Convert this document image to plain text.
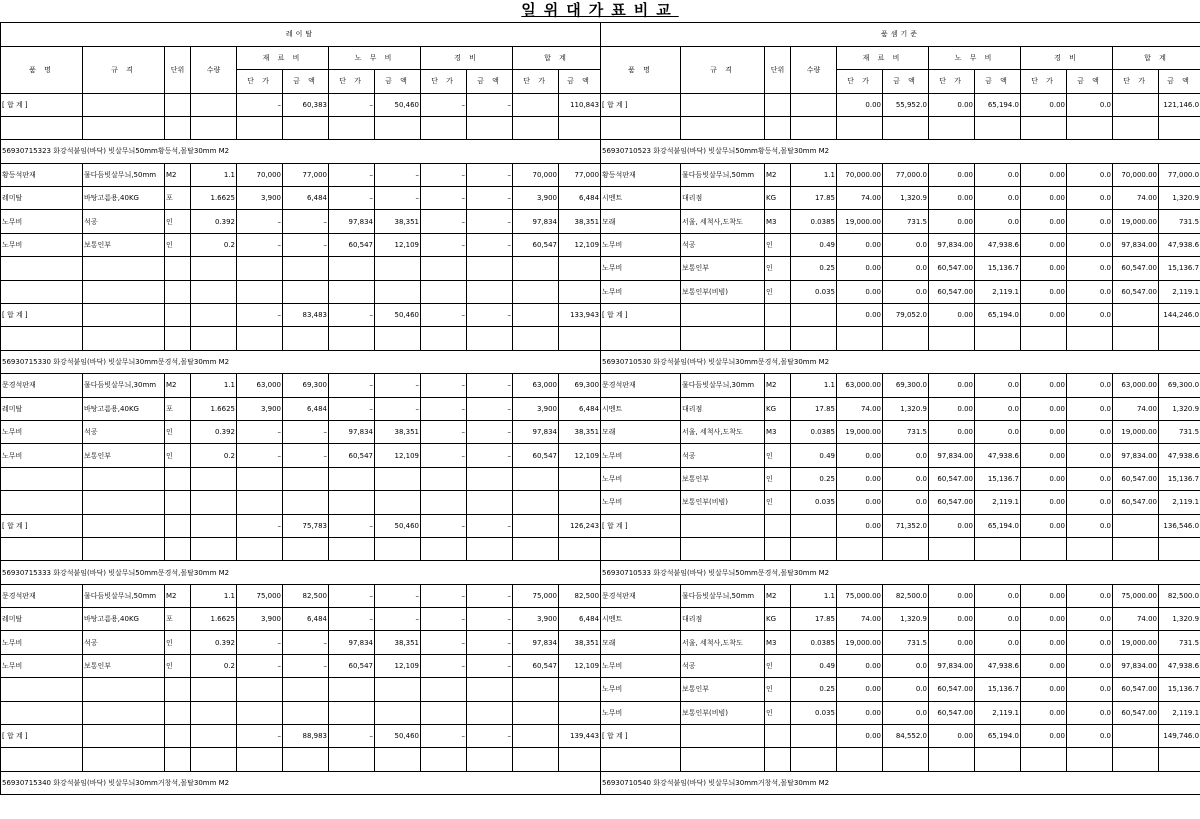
일위대가표비교
레이탈											
품 명	규 격	단위	수량	재 료 비		노 무 비		경 비		합 계	
				단 가	금 액	단 가	금 액	단 가	금 액	단 가	금 액
[ 합 계 ]				–	60,383	–	50,460	–	–		110,843

56930715323 화강석붙임(바닥) 빗살무늬50mm황등석,몰탈30mm M2											
황등석판재	물다듬빗살무늬,50mm	M2	1.1	70,000	77,000	–	–	–	–	70,000	77,000
레미탈	바탕고름용,40KG	포	1.6625	3,900	6,484	–	–	–	–	3,900	6,484
노무비	석공	인	0.392	–	–	97,834	38,351	–	–	97,834	38,351
노무비	보통인부	인	0.2	–	–	60,547	12,109	–	–	60,547	12,109

[ 합 계 ]				–	83,483	–	50,460	–	–		133,943

56930715330 화강석붙임(바닥) 빗살무늬30mm문경석,몰탈30mm M2											
문경석판재	물다듬빗살무늬,30mm	M2	1.1	63,000	69,300	–	–	–	–	63,000	69,300
레미탈	바탕고름용,40KG	포	1.6625	3,900	6,484	–	–	–	–	3,900	6,484
노무비	석공	인	0.392	–	–	97,834	38,351	–	–	97,834	38,351
노무비	보통인부	인	0.2	–	–	60,547	12,109	–	–	60,547	12,109

[ 합 계 ]				–	75,783	–	50,460	–	–		126,243

56930715333 화강석붙임(바닥) 빗살무늬50mm문경석,몰탈30mm M2											
문경석판재	물다듬빗살무늬,50mm	M2	1.1	75,000	82,500	–	–	–	–	75,000	82,500
레미탈	바탕고름용,40KG	포	1.6625	3,900	6,484	–	–	–	–	3,900	6,484
노무비	석공	인	0.392	–	–	97,834	38,351	–	–	97,834	38,351
노무비	보통인부	인	0.2	–	–	60,547	12,109	–	–	60,547	12,109

[ 합 계 ]				–	88,983	–	50,460	–	–		139,443

56930715340 화강석붙임(바닥) 빗살무늬30mm거창석,몰탈30mm M2											
품셈기준											
품 명	규 격	단위	수량	재 료 비		노 무 비		경 비		합 계	
				단 가	금 액	단 가	금 액	단 가	금 액	단 가	금 액
[ 합 계 ]				0.00	55,952.0	0.00	65,194.0	0.00	0.0		121,146.0

56930710523 화강석붙임(바닥) 빗살무늬50mm황등석,몰탈30mm M2											
황등석판재	물다듬빗살무늬,50mm	M2	1.1	70,000.00	77,000.0	0.00	0.0	0.00	0.0	70,000.00	77,000.0
시멘트	대리점	KG	17.85	74.00	1,320.9	0.00	0.0	0.00	0.0	74.00	1,320.9
모래	서울, 세척사,도착도	M3	0.0385	19,000.00	731.5	0.00	0.0	0.00	0.0	19,000.00	731.5
노무비	석공	인	0.49	0.00	0.0	97,834.00	47,938.6	0.00	0.0	97,834.00	47,938.6
노무비	보통인부	인	0.25	0.00	0.0	60,547.00	15,136.7	0.00	0.0	60,547.00	15,136.7
노무비	보통인부(비빔)	인	0.035	0.00	0.0	60,547.00	2,119.1	0.00	0.0	60,547.00	2,119.1
[ 합 계 ]				0.00	79,052.0	0.00	65,194.0	0.00	0.0		144,246.0

56930710530 화강석붙임(바닥) 빗살무늬30mm문경석,몰탈30mm M2											
문경석판재	물다듬빗살무늬,30mm	M2	1.1	63,000.00	69,300.0	0.00	0.0	0.00	0.0	63,000.00	69,300.0
시멘트	대리점	KG	17.85	74.00	1,320.9	0.00	0.0	0.00	0.0	74.00	1,320.9
모래	서울, 세척사,도착도	M3	0.0385	19,000.00	731.5	0.00	0.0	0.00	0.0	19,000.00	731.5
노무비	석공	인	0.49	0.00	0.0	97,834.00	47,938.6	0.00	0.0	97,834.00	47,938.6
노무비	보통인부	인	0.25	0.00	0.0	60,547.00	15,136.7	0.00	0.0	60,547.00	15,136.7
노무비	보통인부(비빔)	인	0.035	0.00	0.0	60,547.00	2,119.1	0.00	0.0	60,547.00	2,119.1
[ 합 계 ]				0.00	71,352.0	0.00	65,194.0	0.00	0.0		136,546.0

56930710533 화강석붙임(바닥) 빗살무늬50mm문경석,몰탈30mm M2											
문경석판재	물다듬빗살무늬,50mm	M2	1.1	75,000.00	82,500.0	0.00	0.0	0.00	0.0	75,000.00	82,500.0
시멘트	대리점	KG	17.85	74.00	1,320.9	0.00	0.0	0.00	0.0	74.00	1,320.9
모래	서울, 세척사,도착도	M3	0.0385	19,000.00	731.5	0.00	0.0	0.00	0.0	19,000.00	731.5
노무비	석공	인	0.49	0.00	0.0	97,834.00	47,938.6	0.00	0.0	97,834.00	47,938.6
노무비	보통인부	인	0.25	0.00	0.0	60,547.00	15,136.7	0.00	0.0	60,547.00	15,136.7
노무비	보통인부(비빔)	인	0.035	0.00	0.0	60,547.00	2,119.1	0.00	0.0	60,547.00	2,119.1
[ 합 계 ]				0.00	84,552.0	0.00	65,194.0	0.00	0.0		149,746.0

56930710540 화강석붙임(바닥) 빗살무늬30mm거창석,몰탈30mm M2											
